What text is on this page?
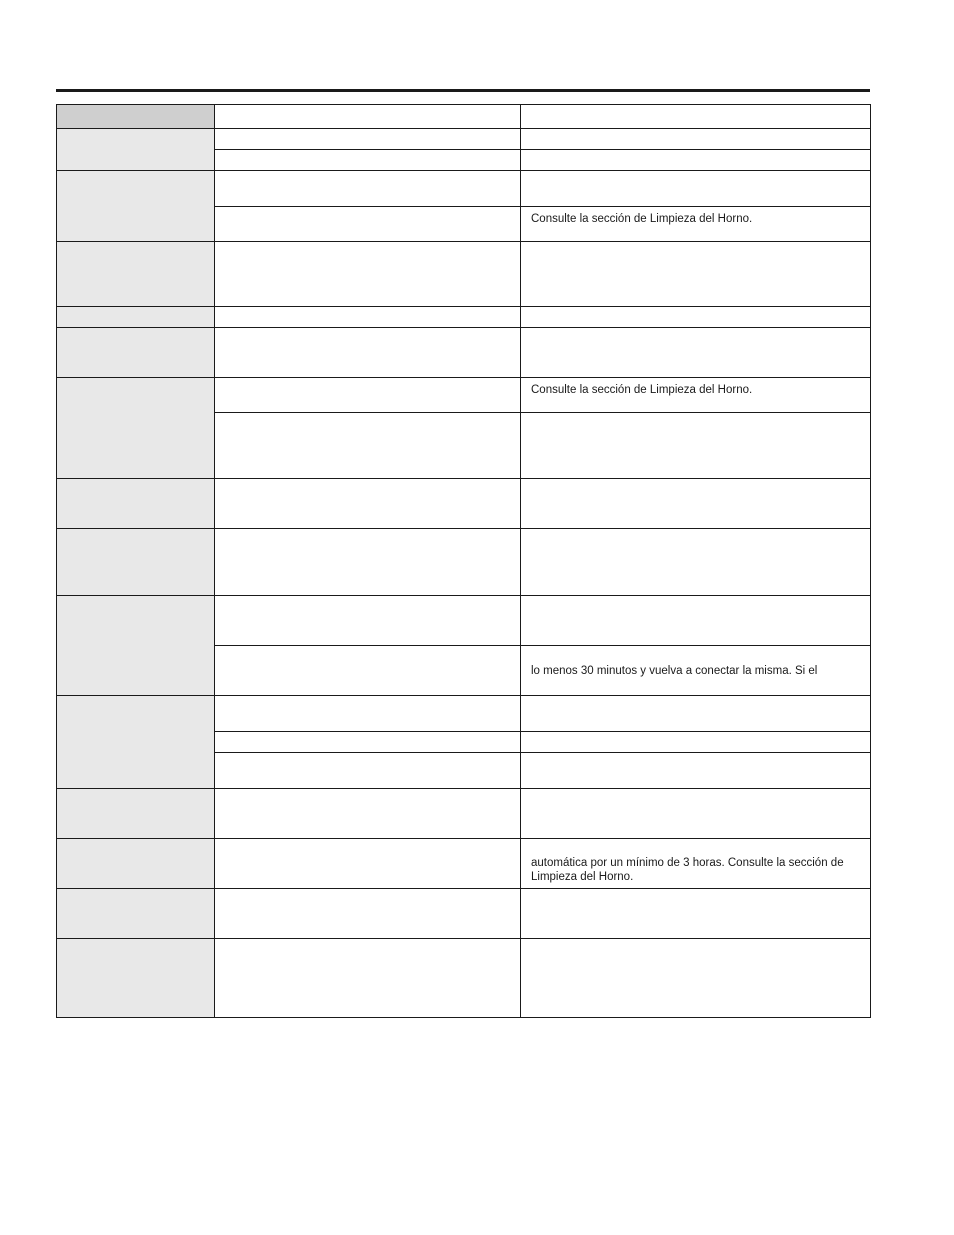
		Consulte la sección de Limpieza del Horno.

		Consulte la sección de Limpieza del Horno.

		lo menos 30 minutos y vuelva a conectar la misma. Si el

		automática por un mínimo de 3 horas. Consulte la sección de Limpieza del Horno.
